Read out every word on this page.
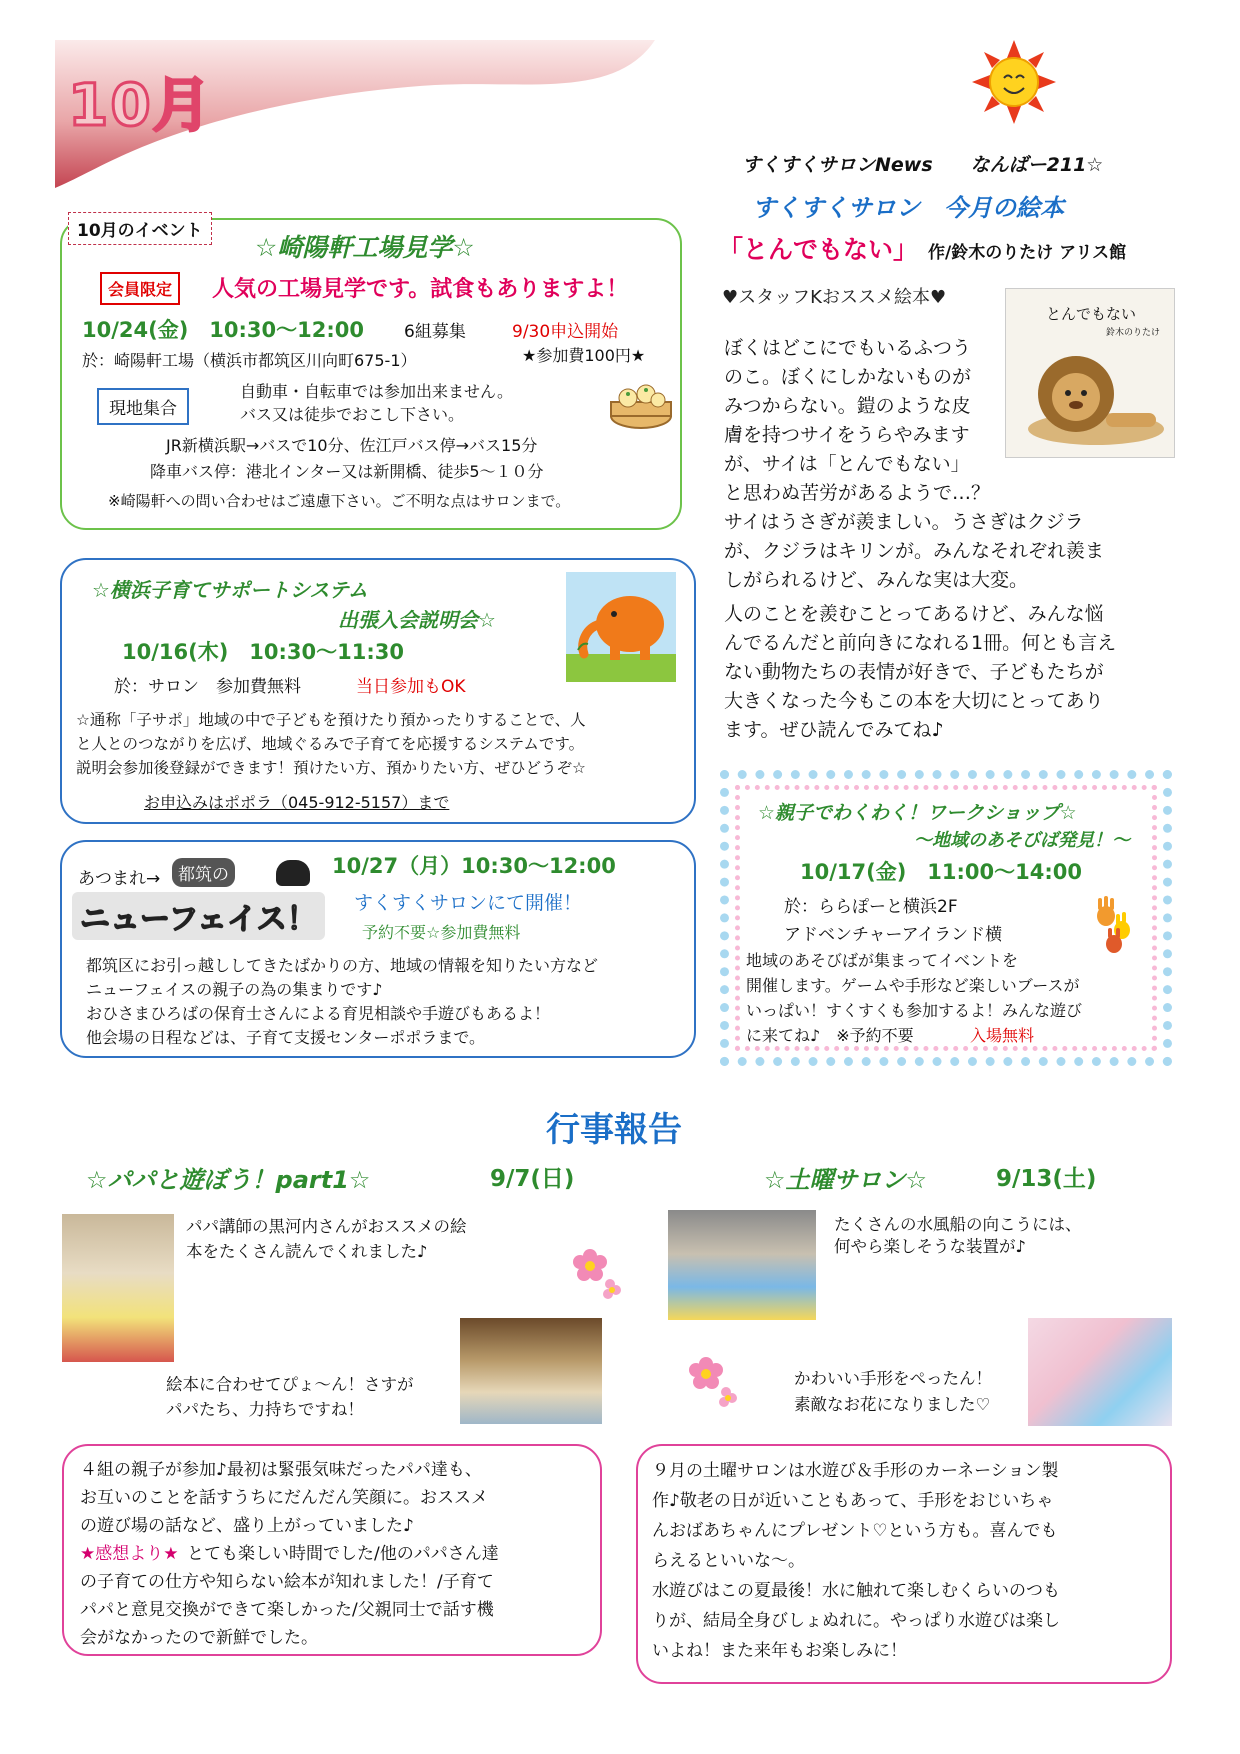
10月
すくすくサロンNews　　なんばー211☆
すくすくサロン　今月の絵本
「とんでもない」 作/鈴木のりたけ アリス館
♥スタッフKおススメ絵本♥
とんでもない
鈴木のりたけ
ぼくはどこにでもいるふつう
のこ。ぼくにしかないものが
みつからない。鎧のような皮
膚を持つサイをうらやみます
が、サイは「とんでもない」
と思わぬ苦労があるようで…？
サイはうさぎが羨ましい。うさぎはクジラ
が、クジラはキリンが。みんなそれぞれ羨ま
しがられるけど、みんな実は大変。
人のことを羨むことってあるけど、みんな悩
んでるんだと前向きになれる1冊。何とも言え
ない動物たちの表情が好きで、子どもたちが
大きくなった今もこの本を大切にとってあり
ます。ぜひ読んでみてね♪
10月のイベント
☆崎陽軒工場見学☆
会員限定	人気の工場見学です。試食もありますよ！
10/24(金)　10:30～12:00 6組募集	9/30申込開始
於：崎陽軒工場（横浜市都筑区川向町675-1）	★参加費100円★
現地集合
自動車・自転車では参加出来ません。
バス又は徒歩でおこし下さい。
JR新横浜駅→バスで10分、佐江戸バス停→バス15分
降車バス停：港北インター又は新開橋、徒歩5～１０分
※崎陽軒への問い合わせはご遠慮下さい。ご不明な点はサロンまで。
☆横浜子育てサポートシステム
出張入会説明会☆
10/16(木)　10:30～11:30
於：サロン　参加費無料	当日参加もOK
☆通称「子サポ」地域の中で子どもを預けたり預かったりすることで、人
と人とのつながりを広げ、地域ぐるみで子育てを応援するシステムです。
説明会参加後登録ができます！預けたい方、預かりたい方、ぜひどうぞ☆
お申込みはポポラ（045-912-5157）まで
あつまれ→	都筑の
ニューフェイス！
10/27（月）10:30～12:00
すくすくサロンにて開催！
予約不要☆参加費無料
都筑区にお引っ越ししてきたばかりの方、地域の情報を知りたい方など
ニューフェイスの親子の為の集まりです♪
おひさまひろばの保育士さんによる育児相談や手遊びもあるよ！
他会場の日程などは、子育て支援センターポポラまで。
☆親子でわくわく！ワークショップ☆
～地域のあそびば発見！～
10/17(金)　11:00～14:00
於：ららぽーと横浜2F
アドベンチャーアイランド横
地域のあそびばが集まってイベントを
開催します。ゲームや手形など楽しいブースが
いっぱい！すくすくも参加するよ！みんな遊び
に来てね♪　※予約不要	入場無料
行事報告
☆パパと遊ぼう！part1☆	9/7(日)
パパ講師の黒河内さんがおススメの絵
本をたくさん読んでくれました♪
絵本に合わせてぴょ～ん！さすが
パパたち、力持ちですね！
４組の親子が参加♪最初は緊張気味だったパパ達も、
お互いのことを話すうちにだんだん笑顔に。おススメ
の遊び場の話など、盛り上がっていました♪
★感想より★ とても楽しい時間でした/他のパパさん達
の子育ての仕方や知らない絵本が知れました！/子育て
パパと意見交換ができて楽しかった/父親同士で話す機
会がなかったので新鮮でした。
☆土曜サロン☆	9/13(土)
たくさんの水風船の向こうには、
何やら楽しそうな装置が♪
かわいい手形をぺったん！
素敵なお花になりました♡
９月の土曜サロンは水遊び＆手形のカーネーション製
作♪敬老の日が近いこともあって、手形をおじいちゃ
んおばあちゃんにプレゼント♡という方も。喜んでも
らえるといいな～。
水遊びはこの夏最後！水に触れて楽しむくらいのつも
りが、結局全身びしょぬれに。やっぱり水遊びは楽し
いよね！また来年もお楽しみに！
